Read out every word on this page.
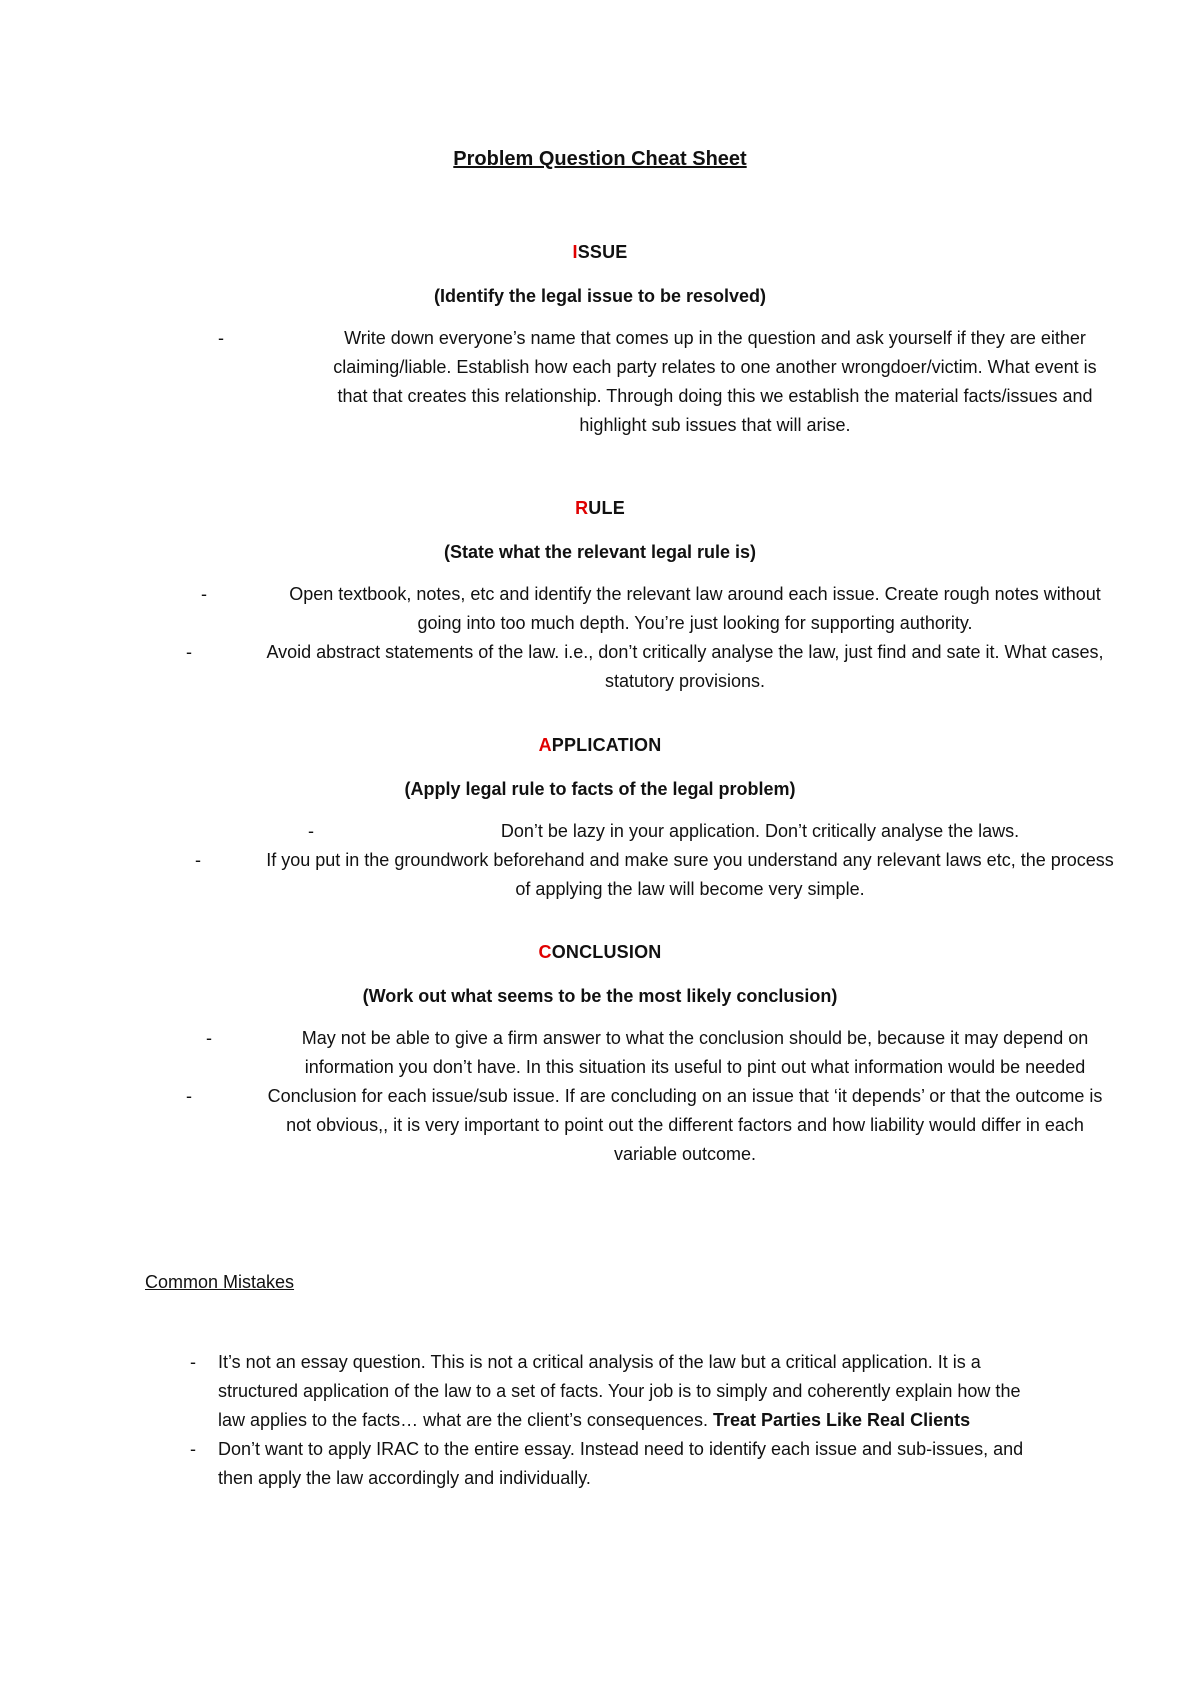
Problem Question Cheat Sheet
ISSUE
(Identify the legal issue to be resolved)
-	Write down everyone’s name that comes up in the question and ask yourself if they are either claiming/liable. Establish how each party relates to one another wrongdoer/victim. What event is that that creates this relationship. Through doing this we establish the material facts/issues and highlight sub issues that will arise.
RULE
(State what the relevant legal rule is)
-	Open textbook, notes, etc and identify the relevant law around each issue. Create rough notes without going into too much depth. You’re just looking for supporting authority.
-	Avoid abstract statements of the law. i.e., don’t critically analyse the law, just find and sate it. What cases, statutory provisions.
APPLICATION
(Apply legal rule to facts of the legal problem)
-	Don’t be lazy in your application. Don’t critically analyse the laws.
-	If you put in the groundwork beforehand and make sure you understand any relevant laws etc, the process of applying the law will become very simple.
CONCLUSION
(Work out what seems to be the most likely conclusion)
-	May not be able to give a firm answer to what the conclusion should be, because it may depend on information you don’t have. In this situation its useful to pint out what information would be needed
-	Conclusion for each issue/sub issue. If are concluding on an issue that ‘it depends’ or that the outcome is not obvious,, it is very important to point out the different factors and how liability would differ in each variable outcome.
Common Mistakes
- It’s not an essay question. This is not a critical analysis of the law but a critical application. It is a structured application of the law to a set of facts. Your job is to simply and coherently explain how the law applies to the facts… what are the client’s consequences. Treat Parties Like Real Clients
- Don’t want to apply IRAC to the entire essay. Instead need to identify each issue and sub-issues, and then apply the law accordingly and individually.
